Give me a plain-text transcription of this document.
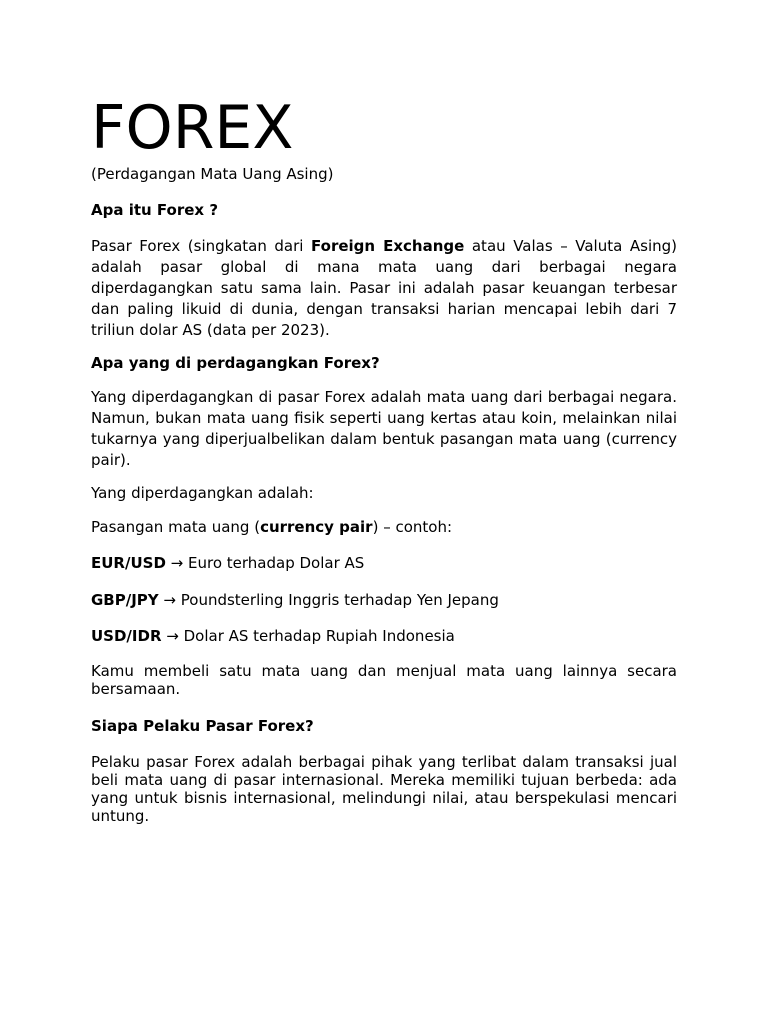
FOREX

(Perdagangan Mata Uang Asing)

Apa itu Forex ?

Pasar Forex (singkatan dari Foreign Exchange atau Valas – Valuta Asing) adalah pasar global di mana mata uang dari berbagai negara diperdagangkan satu sama lain. Pasar ini adalah pasar keuangan terbesar dan paling likuid di dunia, dengan transaksi harian mencapai lebih dari 7 triliun dolar AS (data per 2023).

Apa yang di perdagangkan Forex?

Yang diperdagangkan di pasar Forex adalah mata uang dari berbagai negara. Namun, bukan mata uang fisik seperti uang kertas atau koin, melainkan nilai tukarnya yang diperjualbelikan dalam bentuk pasangan mata uang (currency pair).

Yang diperdagangkan adalah:

Pasangan mata uang (currency pair) – contoh:

EUR/USD → Euro terhadap Dolar AS

GBP/JPY → Poundsterling Inggris terhadap Yen Jepang

USD/IDR → Dolar AS terhadap Rupiah Indonesia

Kamu membeli satu mata uang dan menjual mata uang lainnya secara bersamaan.

Siapa Pelaku Pasar Forex?

Pelaku pasar Forex adalah berbagai pihak yang terlibat dalam transaksi jual beli mata uang di pasar internasional. Mereka memiliki tujuan berbeda: ada yang untuk bisnis internasional, melindungi nilai, atau berspekulasi mencari untung.
